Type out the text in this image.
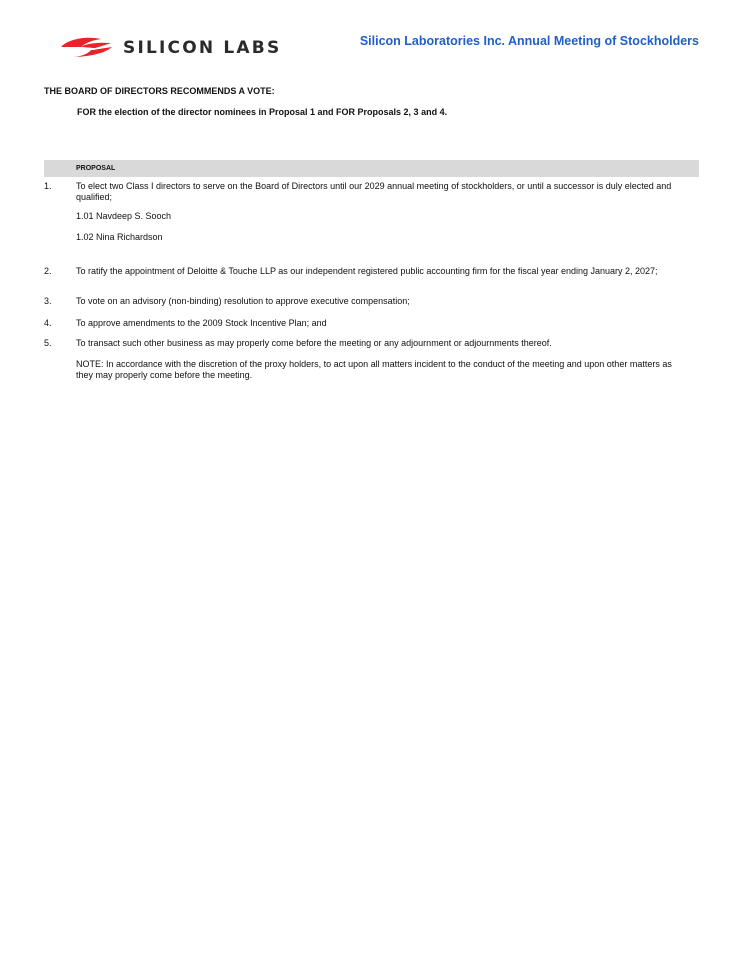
SILICON LABS	Silicon Laboratories Inc. Annual Meeting of Stockholders
THE BOARD OF DIRECTORS RECOMMENDS A VOTE:
FOR the election of the director nominees in Proposal 1 and FOR Proposals 2, 3 and 4.
PROPOSAL
1.	To elect two Class I directors to serve on the Board of Directors until our 2029 annual meeting of stockholders, or until a successor is duly elected and qualified;
1.01 Navdeep S. Sooch
1.02 Nina Richardson
2.	To ratify the appointment of Deloitte & Touche LLP as our independent registered public accounting firm for the fiscal year ending January 2, 2027;
3.	To vote on an advisory (non-binding) resolution to approve executive compensation;
4.	To approve amendments to the 2009 Stock Incentive Plan; and
5.	To transact such other business as may properly come before the meeting or any adjournment or adjournments thereof.
NOTE: In accordance with the discretion of the proxy holders, to act upon all matters incident to the conduct of the meeting and upon other matters as they may properly come before the meeting.
